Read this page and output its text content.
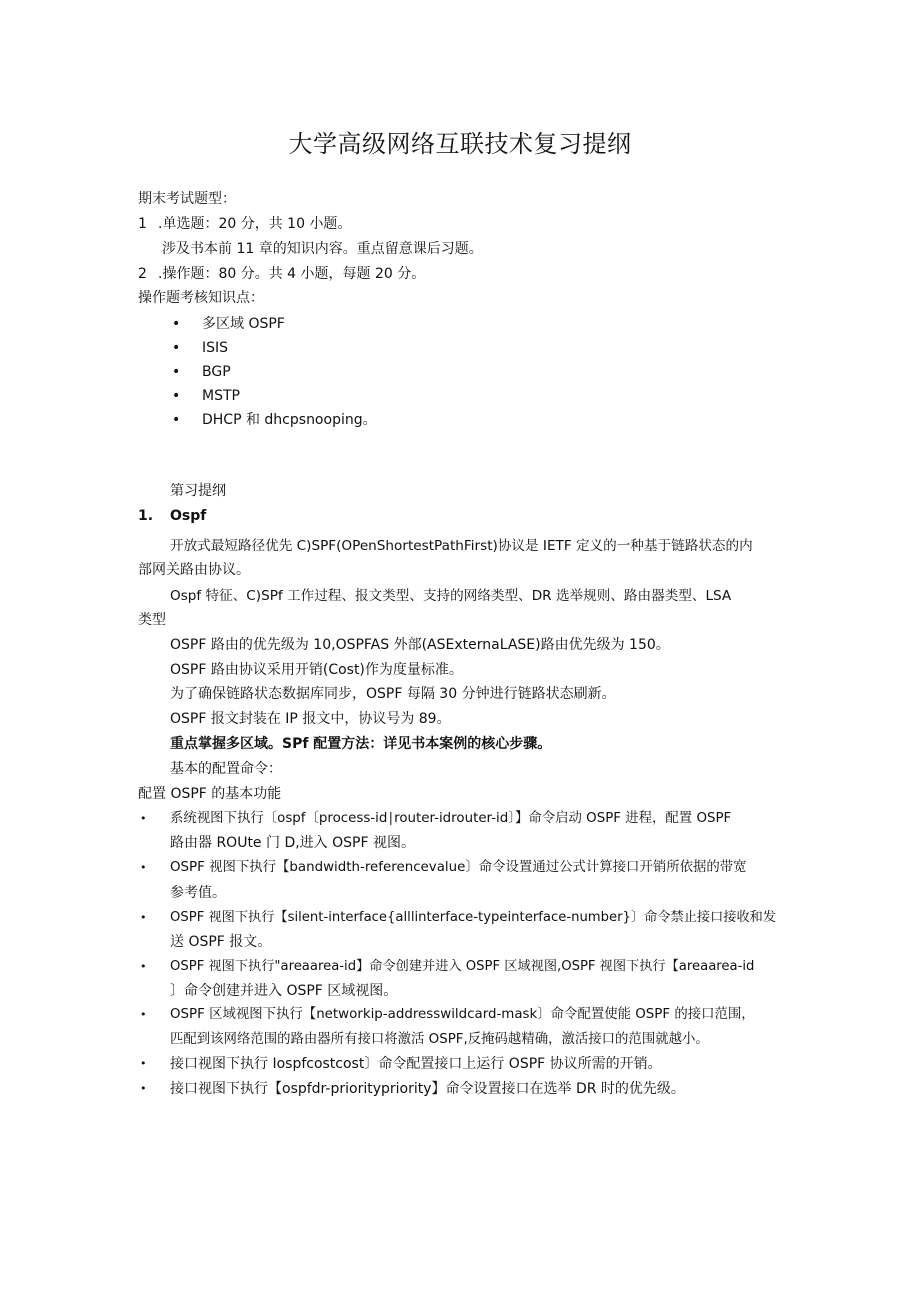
大学高级网络互联技术复习提纲
期末考试题型：
1 .单选题：20 分，共 10 小题。
涉及书本前 11 章的知识内容。重点留意课后习题。
2 .操作题：80 分。共 4 小题，每题 20 分。
操作题考核知识点：
• 多区域 OSPF
• ISIS
• BGP
• MSTP
• DHCP 和 dhcpsnooping。
第习提纲
1. Ospf
开放式最短路径优先 C)SPF(OPenShortestPathFirst)协议是 IETF 定义的一种基于链路状态的内
部网关路由协议。
Ospf 特征、C)SPf 工作过程、报文类型、支持的网络类型、DR 选举规则、路由器类型、LSA
类型
OSPF 路由的优先级为 10,OSPFAS 外部(ASExternaLASE)路由优先级为 150。
OSPF 路由协议采用开销(Cost)作为度量标准。
为了确保链路状态数据库同步，OSPF 每隔 30 分钟进行链路状态刷新。
OSPF 报文封装在 IP 报文中，协议号为 89。
重点掌握多区域。SPf 配置方法：详见书本案例的核心步骤。
基本的配置命令：
配置 OSPF 的基本功能
• 系统视图下执行〔ospf〔process-id∣router-idrouter-id〕】命令启动 OSPF 进程，配置 OSPF
路由器 ROUte 门 D,进入 OSPF 视图。
• OSPF 视图下执行【bandwidth-referencevalue〕命令设置通过公式计算接口开销所依据的带宽
参考值。
• OSPF 视图下执行【silent-interface{alllinterface-typeinterface-number}〕命令禁止接口接收和发
送 OSPF 报文。
• OSPF 视图下执行"areaarea-id】命令创建并进入 OSPF 区域视图,OSPF 视图下执行【areaarea-id
〕命令创建并进入 OSPF 区域视图。
• OSPF 区域视图下执行【networkip-addresswildcard-mask〕命令配置使能 OSPF 的接口范围，
匹配到该网络范围的路由器所有接口将激活 OSPF,反掩码越精确，激活接口的范围就越小。
• 接口视图下执行 Iospfcostcost〕命令配置接口上运行 OSPF 协议所需的开销。
• 接口视图下执行【ospfdr-prioritypriority】命令设置接口在选举 DR 时的优先级。
